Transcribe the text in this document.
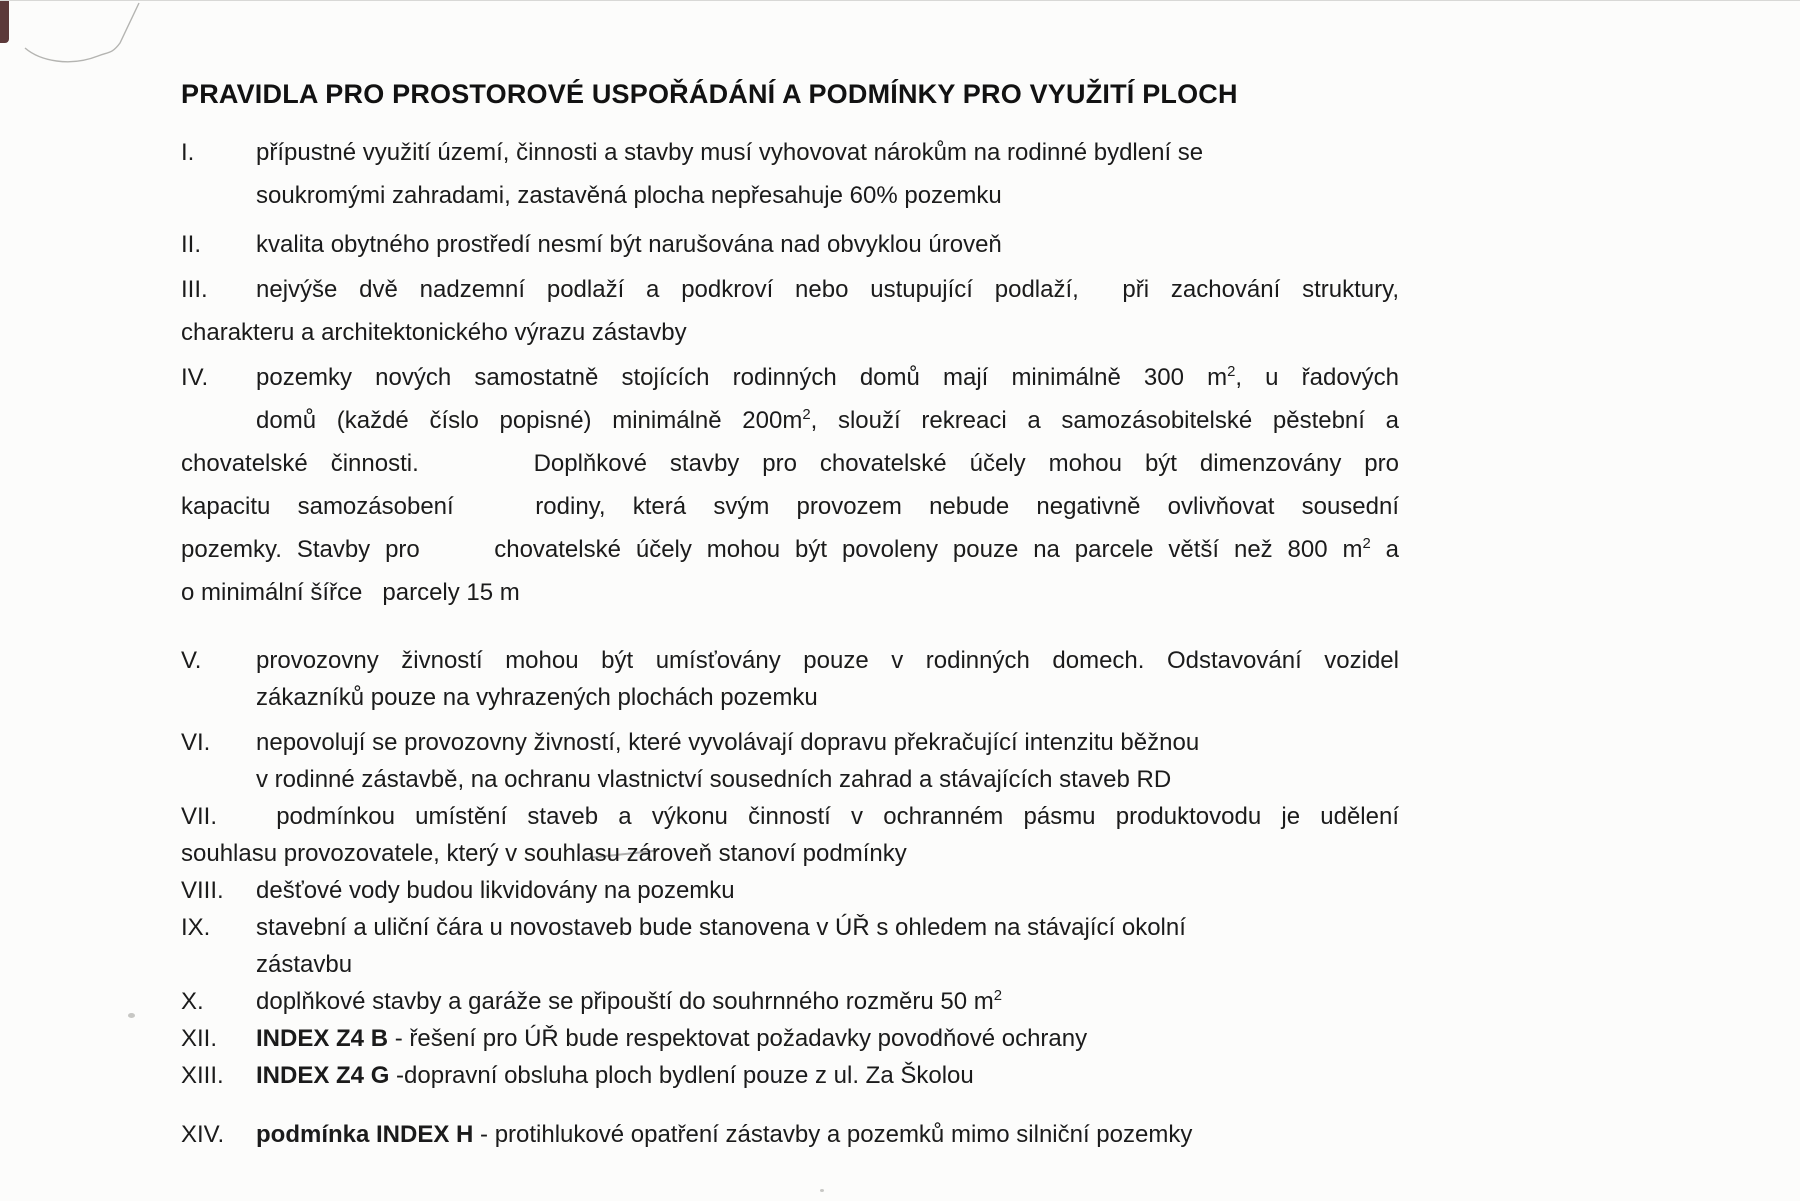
PRAVIDLA PRO PROSTOROVÉ USPOŘÁDÁNÍ A PODMÍNKY PRO VYUŽITÍ PLOCH
I.	přípustné využití území, činnosti a stavby musí vyhovovat nárokům na rodinné bydlení se
soukromými zahradami, zastavěná plocha nepřesahuje 60% pozemku
II. kvalita obytného prostředí nesmí být narušována nad obvyklou úroveň
III. nejvýše dvě nadzemní podlaží a podkroví nebo ustupující podlaží,  při zachování struktury,
charakteru a architektonického výrazu zástavby
IV. pozemky nových samostatně stojících rodinných domů mají minimálně 300 $m^2$, u řadových
domů (každé číslo popisné) minimálně $200m^2$, slouží rekreaci a samozásobitelské pěstební a
chovatelské činnosti.     Doplňkové stavby pro chovatelské účely mohou být dimenzovány pro
kapacitu samozásobení   rodiny, která svým provozem nebude negativně ovlivňovat sousední
pozemky. Stavby pro     chovatelské účely mohou být povoleny pouze na parcele větší než 800 $m^2$ a
o minimální šířce   parcely 15 m
V. provozovny živností mohou být umísťovány pouze v rodinných domech. Odstavování vozidel
zákazníků pouze na vyhrazených plochách pozemku
VI. nepovolují se provozovny živností, které vyvolávají dopravu překračující intenzitu běžnou
v rodinné zástavbě, na ochranu vlastnictví sousedních zahrad a stávajících staveb RD
VII. podmínkou umístění staveb a výkonu činností v ochranném pásmu produktovodu je udělení
souhlasu provozovatele, který v souhlasu zároveň stanoví podmínky
VIII. dešťové vody budou likvidovány na pozemku
IX. stavební a uliční čára u novostaveb bude stanovena v ÚŘ s ohledem na stávající okolní
zástavbu
X. doplňkové stavby a garáže se připouští do souhrnného rozměru 50 $m^2$
XII. INDEX Z4 B - řešení pro ÚŘ bude respektovat požadavky povodňové ochrany
XIII. INDEX Z4 G -dopravní obsluha ploch bydlení pouze z ul. Za Školou
XIV. podmínka INDEX H - protihlukové opatření zástavby a pozemků mimo silniční pozemky
